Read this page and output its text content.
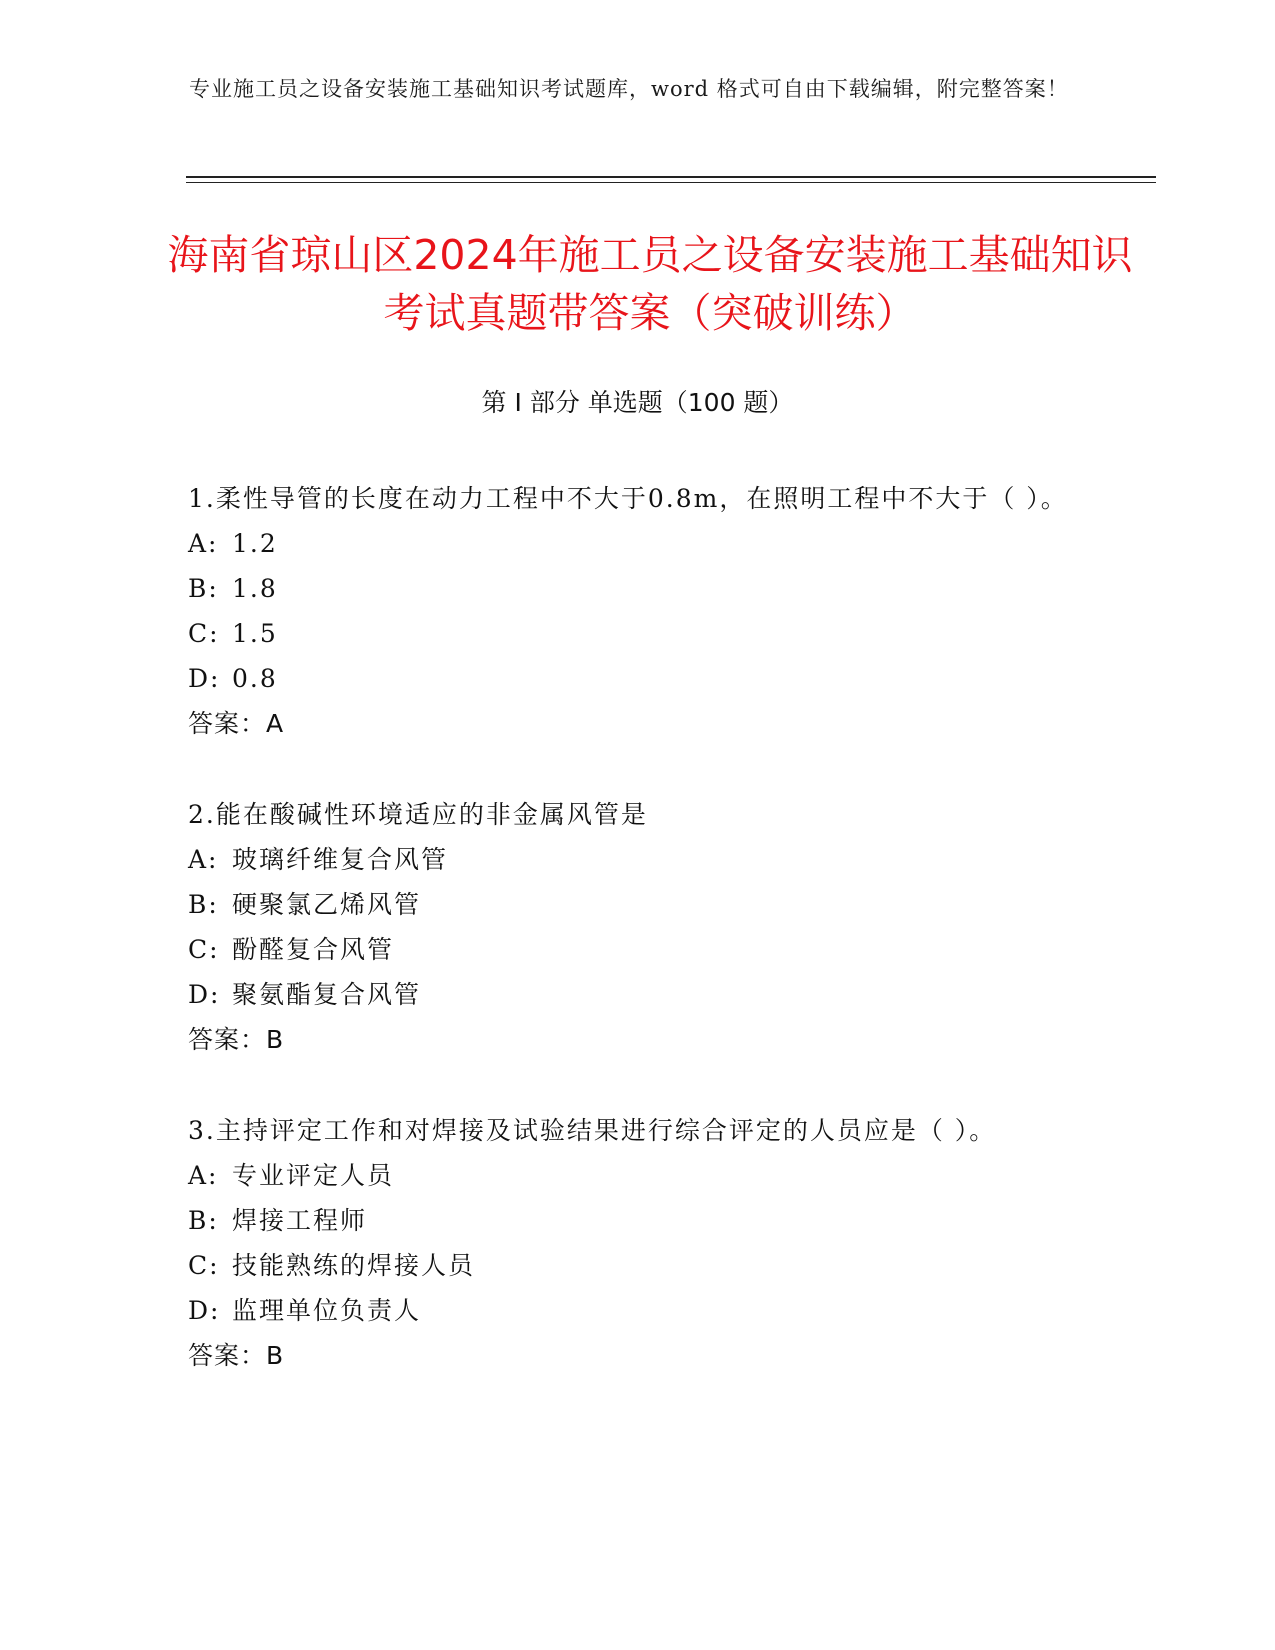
专业施工员之设备安装施工基础知识考试题库，word 格式可自由下载编辑，附完整答案！
海南省琼山区2024年施工员之设备安装施工基础知识考试真题带答案（突破训练）
第 I 部分 单选题（100 题）
1.柔性导管的长度在动力工程中不大于0.8m，在照明工程中不大于（ ）。
A: 1.2
B: 1.8
C: 1.5
D: 0.8
答案：A
2.能在酸碱性环境适应的非金属风管是
A: 玻璃纤维复合风管
B: 硬聚氯乙烯风管
C: 酚醛复合风管
D: 聚氨酯复合风管
答案：B
3.主持评定工作和对焊接及试验结果进行综合评定的人员应是（ ）。
A: 专业评定人员
B: 焊接工程师
C: 技能熟练的焊接人员
D: 监理单位负责人
答案：B
